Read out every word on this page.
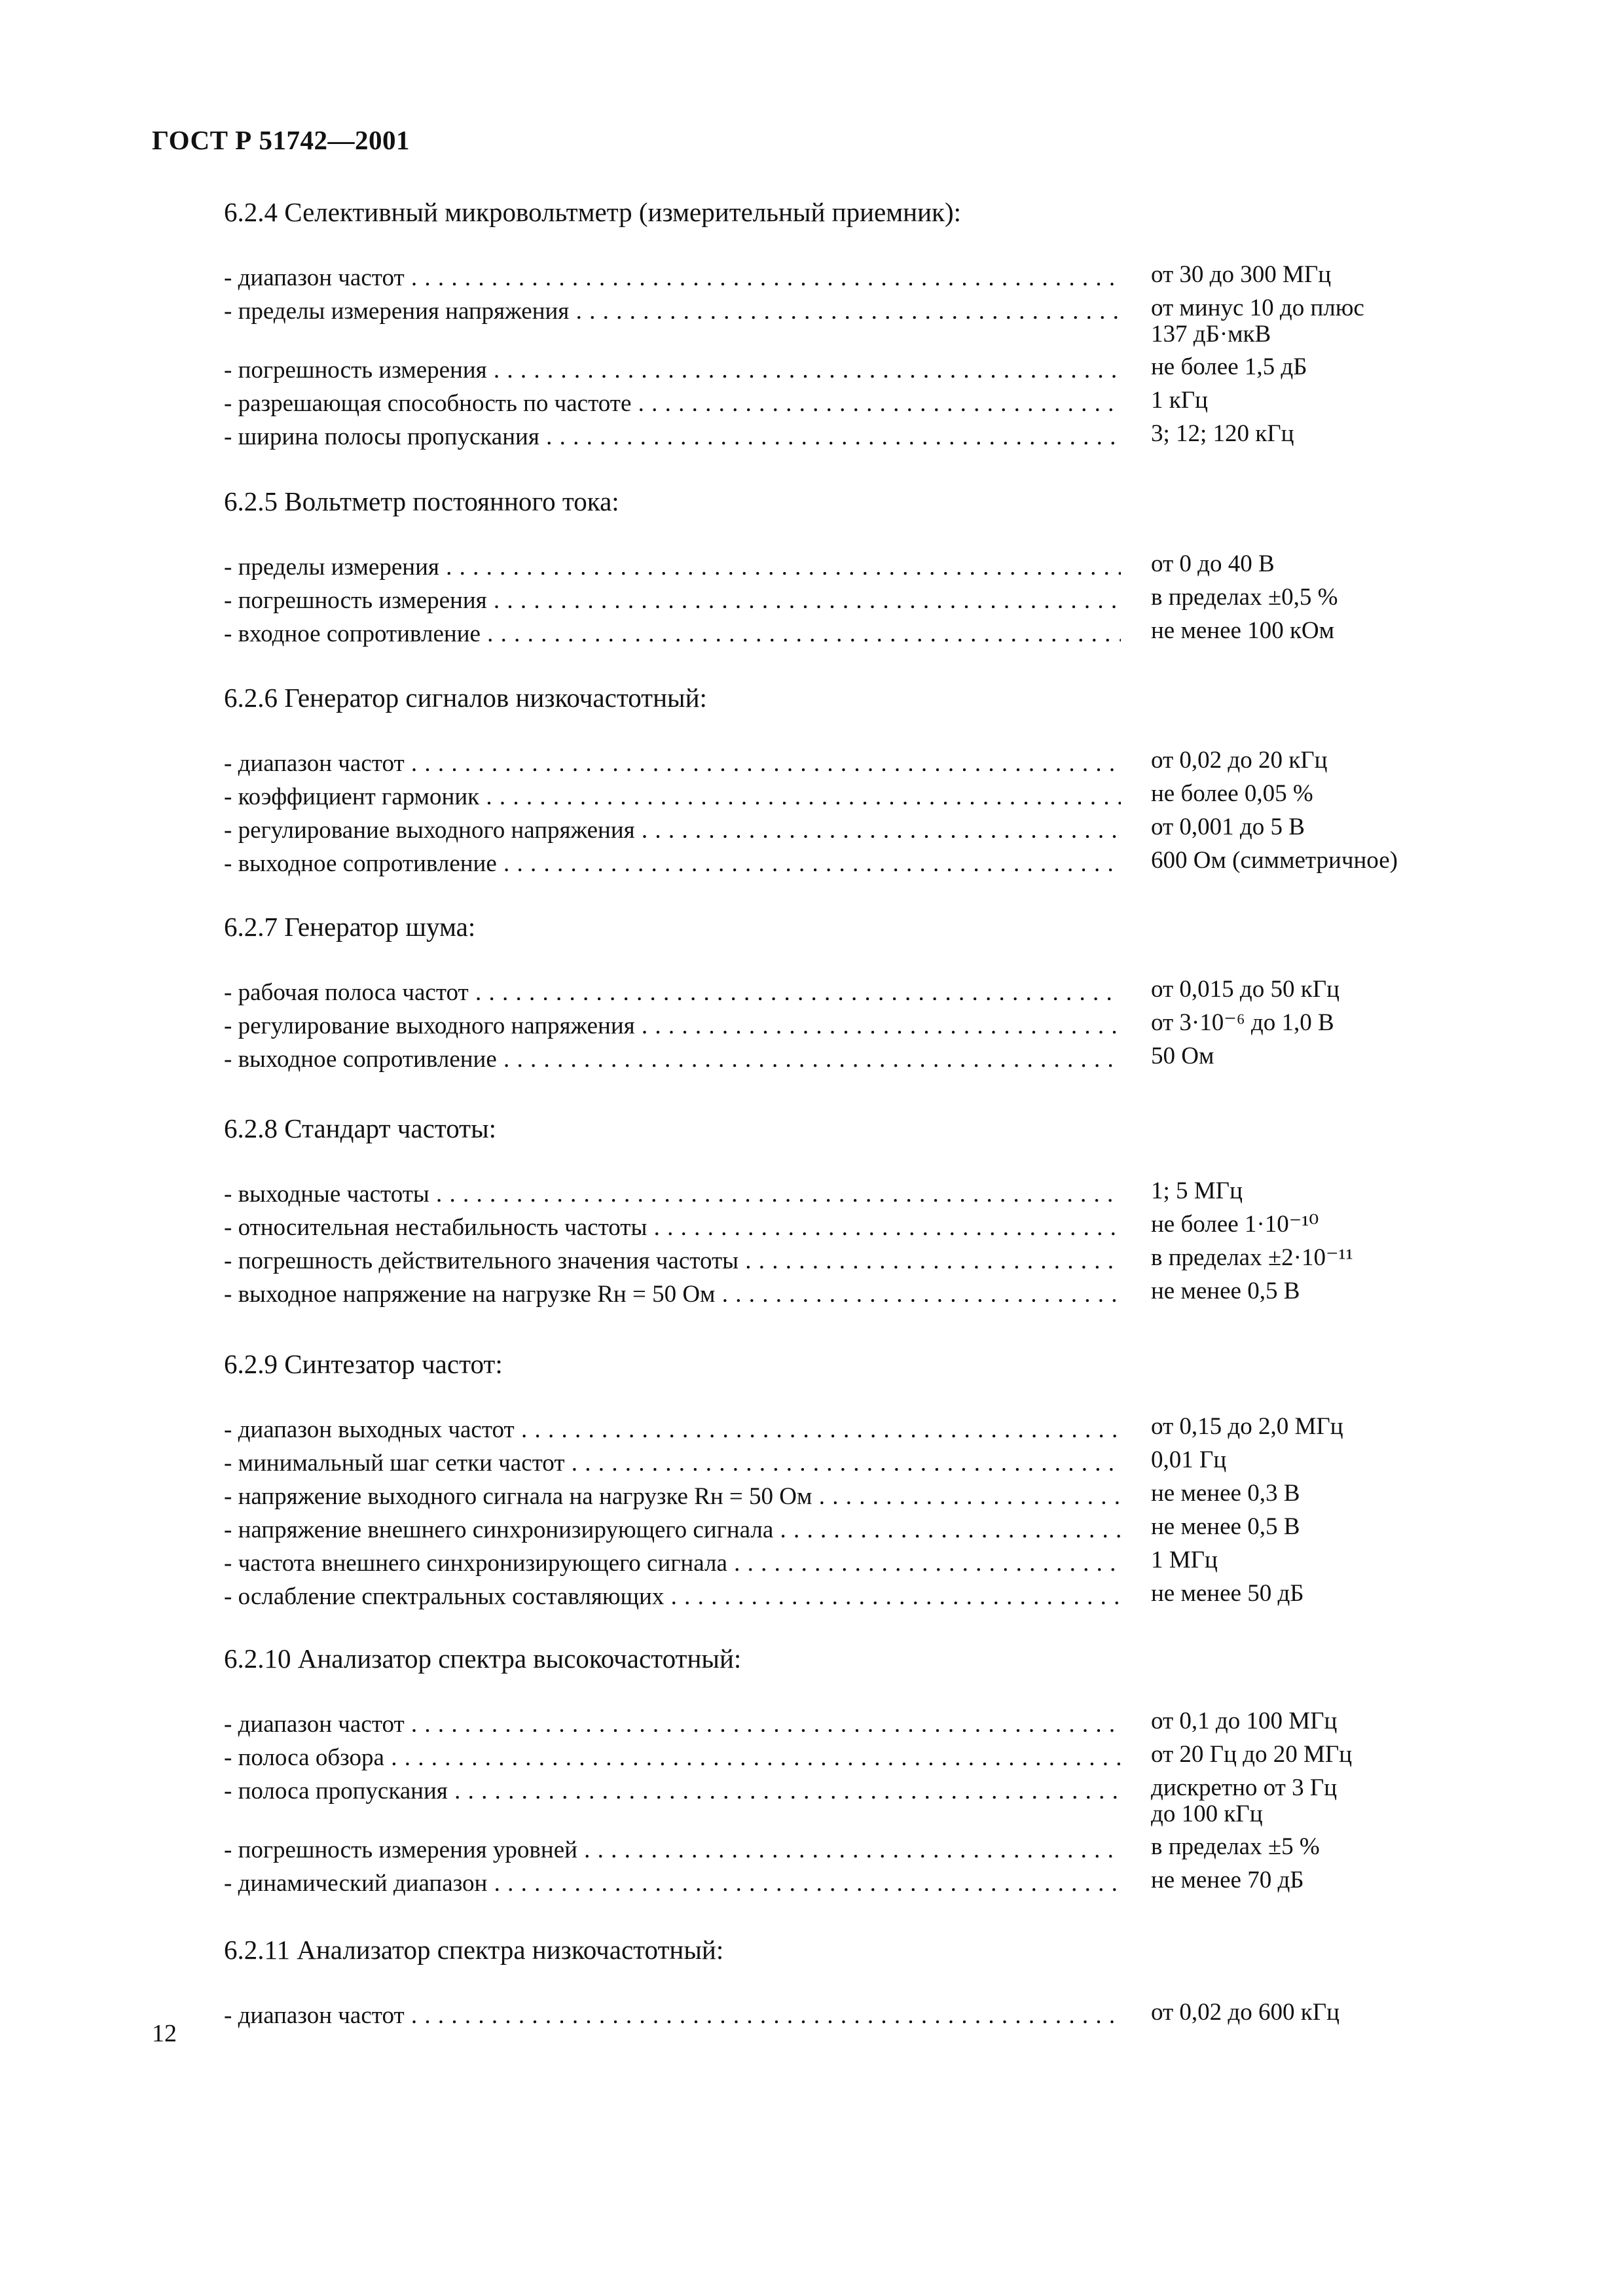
ГОСТ Р 51742—2001
6.2.4 Селективный микровольтметр (измерительный приемник):
- диапазон частот . . .	от 30 до 300 МГц
- пределы измерения напряжения . . .	от минус 10 до плюс
137 дБ·мкВ
- погрешность измерения . . .	не более 1,5 дБ
- разрешающая способность по частоте . . .	1 кГц
- ширина полосы пропускания . . .	3; 12; 120 кГц
6.2.5 Вольтметр постоянного тока:
- пределы измерения . . .	от 0 до 40 В
- погрешность измерения . . .	в пределах ±0,5 %
- входное сопротивление . . .	не менее 100 кОм
6.2.6 Генератор сигналов низкочастотный:
- диапазон частот . . .	от 0,02 до 20 кГц
- коэффициент гармоник . . .	не более 0,05 %
- регулирование выходного напряжения . . .	от 0,001 до 5 В
- выходное сопротивление . . .	600 Ом (симметричное)
6.2.7 Генератор шума:
- рабочая полоса частот . . .	от 0,015 до 50 кГц
- регулирование выходного напряжения . . .	от 3·10⁻⁶ до 1,0 В
- выходное сопротивление . . .	50 Ом
6.2.8 Стандарт частоты:
- выходные частоты . . .	1; 5 МГц
- относительная нестабильность частоты . . .	не более 1·10⁻¹⁰
- погрешность действительного значения частоты . . .	в пределах ±2·10⁻¹¹
- выходное напряжение на нагрузке Rн = 50 Ом . . .	не менее 0,5 В
6.2.9 Синтезатор частот:
- диапазон выходных частот . . .	от 0,15 до 2,0 МГц
- минимальный шаг сетки частот . . .	0,01 Гц
- напряжение выходного сигнала на нагрузке Rн = 50 Ом . . .	не менее 0,3 В
- напряжение внешнего синхронизирующего сигнала . . .	не менее 0,5 В
- частота внешнего синхронизирующего сигнала . . .	1 МГц
- ослабление спектральных составляющих . . .	не менее 50 дБ
6.2.10 Анализатор спектра высокочастотный:
- диапазон частот . . .	от 0,1 до 100 МГц
- полоса обзора . . .	от 20 Гц до 20 МГц
- полоса пропускания . . .	дискретно от 3 Гц
до 100 кГц
- погрешность измерения уровней . . .	в пределах ±5 %
- динамический диапазон . . .	не менее 70 дБ
6.2.11 Анализатор спектра низкочастотный:
- диапазон частот . . .	от 0,02 до 600 кГц
12
